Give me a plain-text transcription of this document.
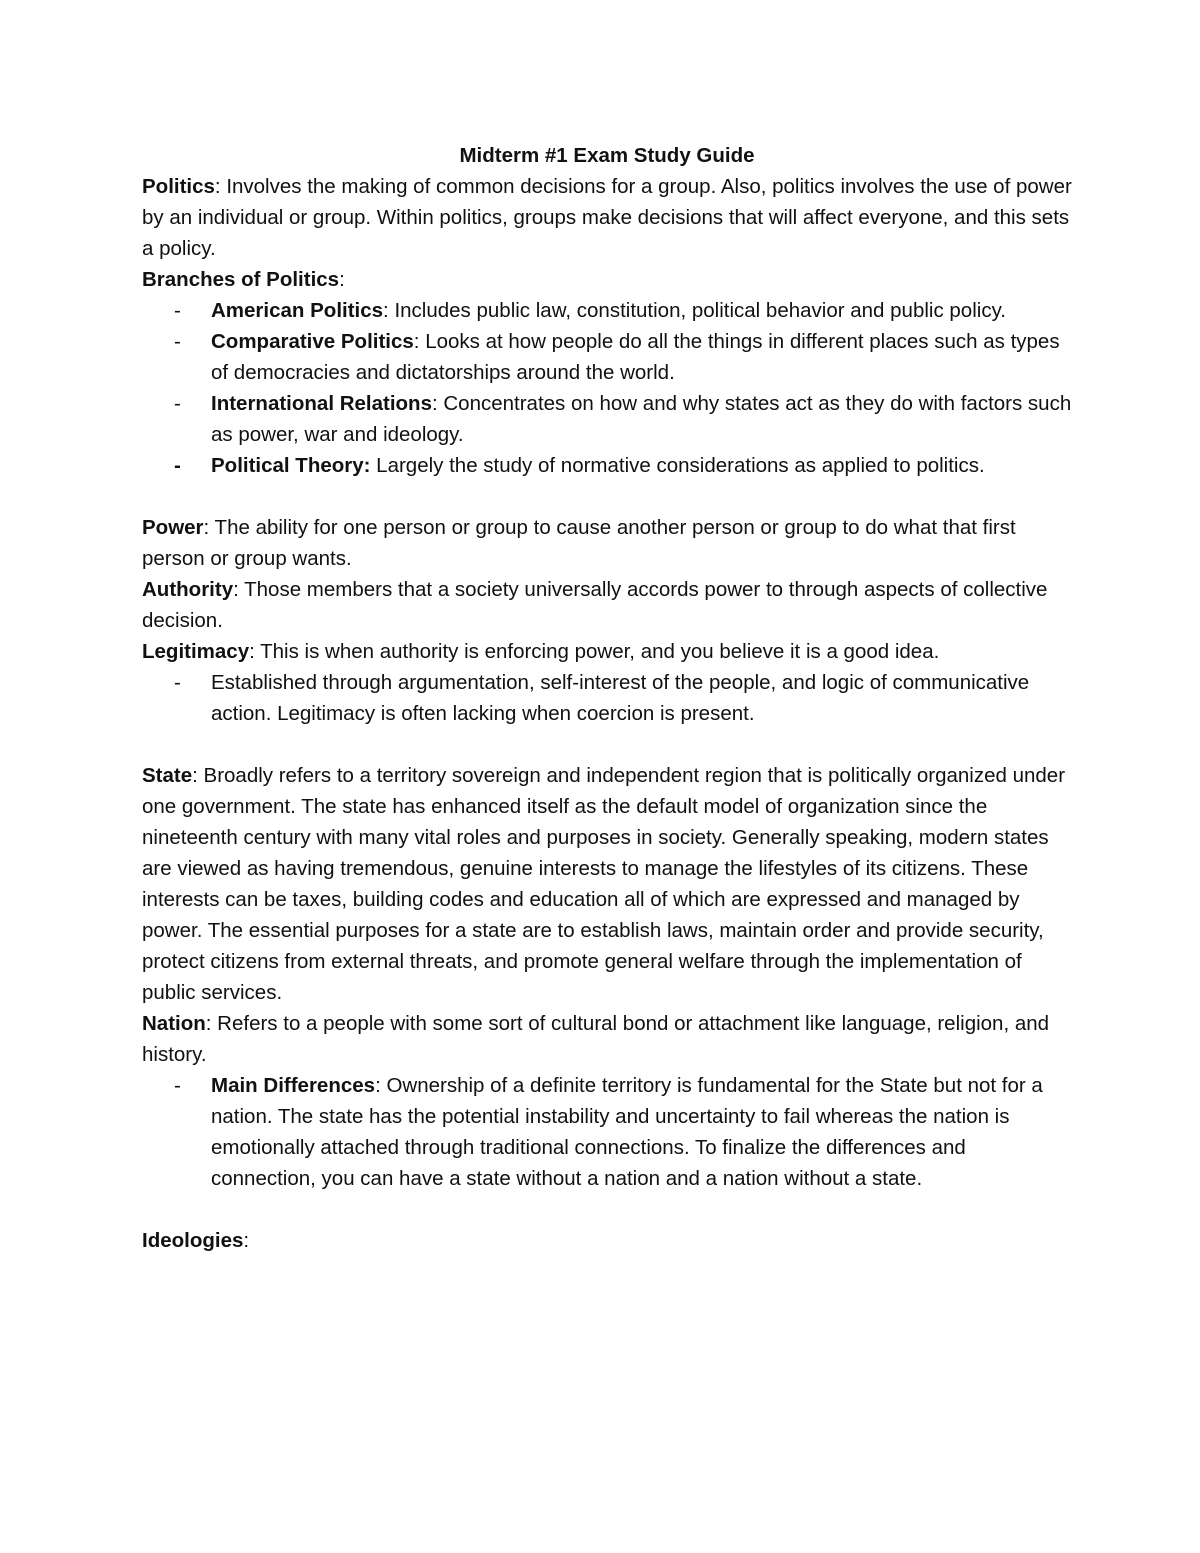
Midterm #1 Exam Study Guide

Politics: Involves the making of common decisions for a group. Also, politics involves the use of power by an individual or group. Within politics, groups make decisions that will affect everyone, and this sets a policy.

Branches of Politics:

- American Politics: Includes public law, constitution, political behavior and public policy.
- Comparative Politics: Looks at how people do all the things in different places such as types of democracies and dictatorships around the world.
- International Relations: Concentrates on how and why states act as they do with factors such as power, war and ideology.
- Political Theory: Largely the study of normative considerations as applied to politics.

Power: The ability for one person or group to cause another person or group to do what that first person or group wants.

Authority: Those members that a society universally accords power to through aspects of collective decision.

Legitimacy: This is when authority is enforcing power, and you believe it is a good idea.

- Established through argumentation, self-interest of the people, and logic of communicative action. Legitimacy is often lacking when coercion is present.

State: Broadly refers to a territory sovereign and independent region that is politically organized under one government. The state has enhanced itself as the default model of organization since the nineteenth century with many vital roles and purposes in society. Generally speaking, modern states are viewed as having tremendous, genuine interests to manage the lifestyles of its citizens. These interests can be taxes, building codes and education all of which are expressed and managed by power. The essential purposes for a state are to establish laws, maintain order and provide security, protect citizens from external threats, and promote general welfare through the implementation of public services.

Nation: Refers to a people with some sort of cultural bond or attachment like language, religion, and history.

- Main Differences: Ownership of a definite territory is fundamental for the State but not for a nation. The state has the potential instability and uncertainty to fail whereas the nation is emotionally attached through traditional connections. To finalize the differences and connection, you can have a state without a nation and a nation without a state.

Ideologies:
